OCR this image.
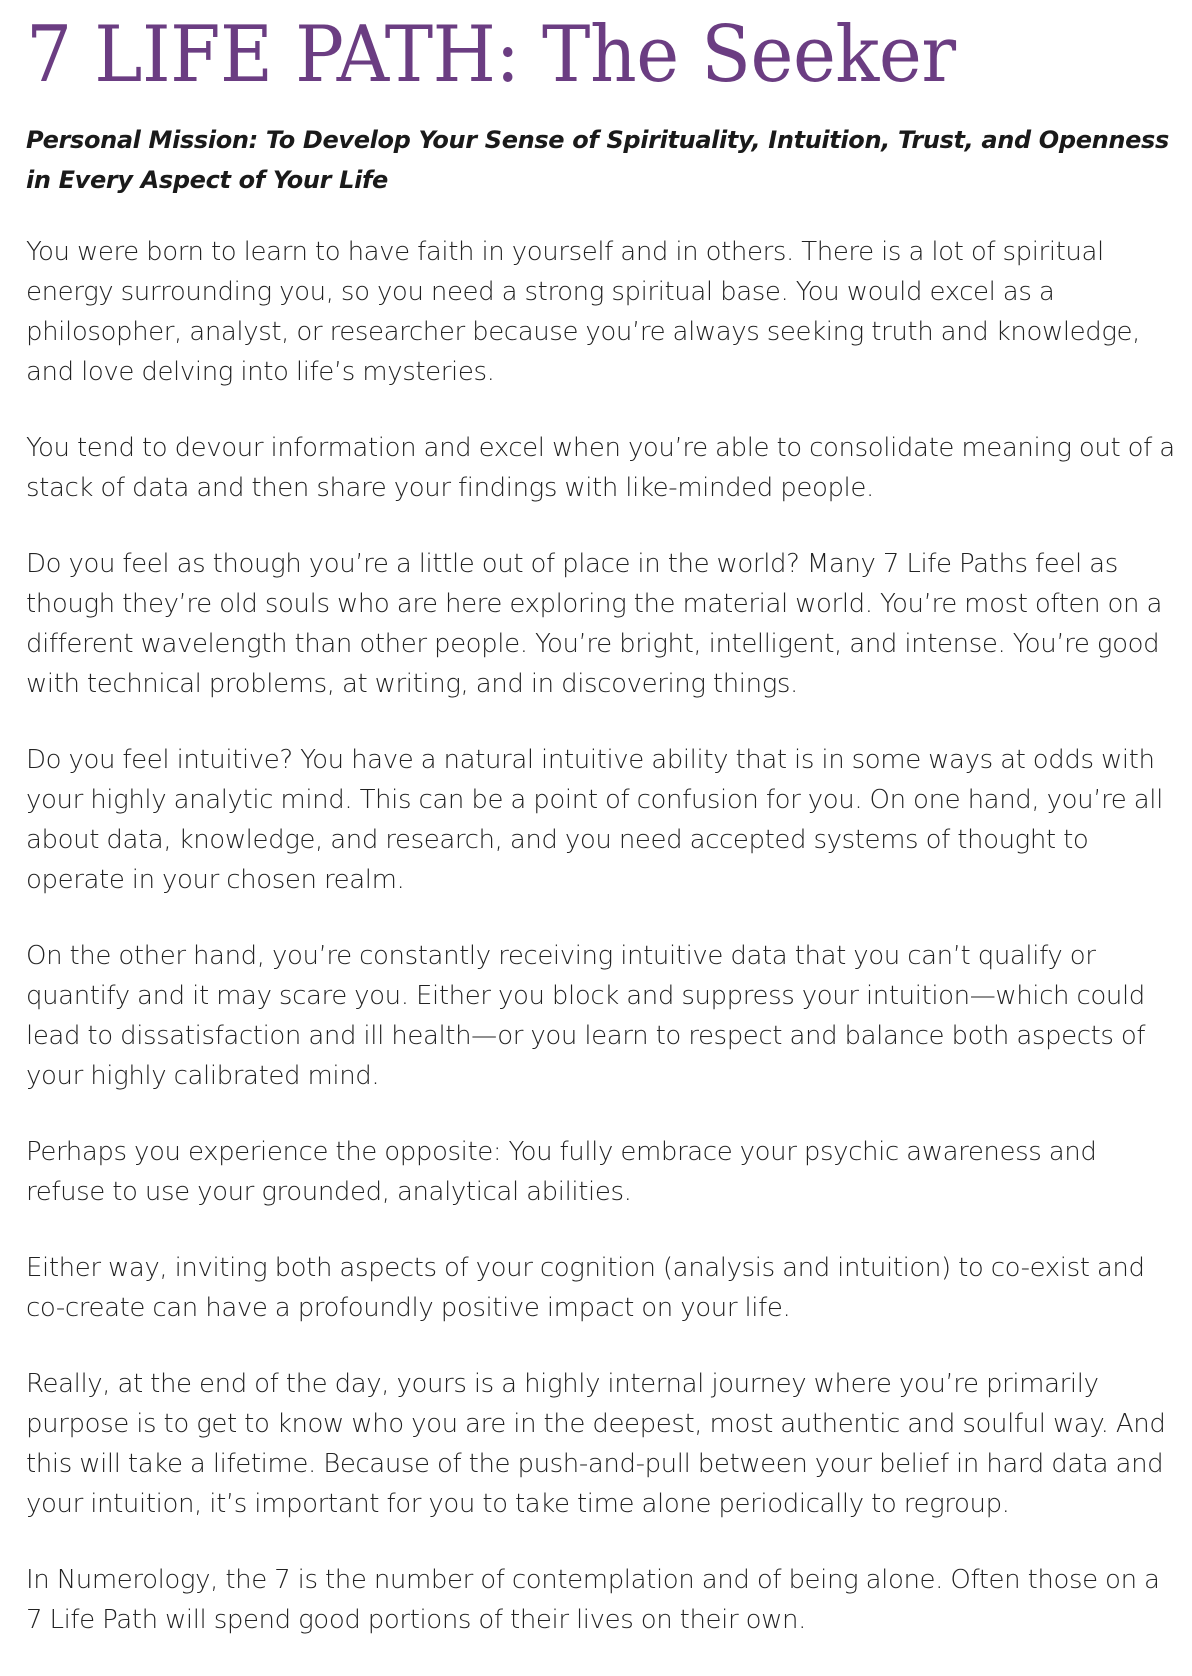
7 LIFE PATH: The Seeker

Personal Mission: To Develop Your Sense of Spirituality, Intuition, Trust, and Openness in Every Aspect of Your Life

You were born to learn to have faith in yourself and in others. There is a lot of spiritual energy surrounding you, so you need a strong spiritual base. You would excel as a philosopher, analyst, or researcher because you’re always seeking truth and knowledge, and love delving into life’s mysteries.

You tend to devour information and excel when you’re able to consolidate meaning out of a stack of data and then share your findings with like-minded people.

Do you feel as though you’re a little out of place in the world? Many 7 Life Paths feel as though they’re old souls who are here exploring the material world. You’re most often on a different wavelength than other people. You’re bright, intelligent, and intense. You’re good with technical problems, at writing, and in discovering things.

Do you feel intuitive? You have a natural intuitive ability that is in some ways at odds with your highly analytic mind. This can be a point of confusion for you. On one hand, you’re all about data, knowledge, and research, and you need accepted systems of thought to operate in your chosen realm.

On the other hand, you’re constantly receiving intuitive data that you can’t qualify or quantify and it may scare you. Either you block and suppress your intuition—which could lead to dissatisfaction and ill health—or you learn to respect and balance both aspects of your highly calibrated mind.

Perhaps you experience the opposite: You fully embrace your psychic awareness and refuse to use your grounded, analytical abilities.

Either way, inviting both aspects of your cognition (analysis and intuition) to co-exist and co-create can have a profoundly positive impact on your life.

Really, at the end of the day, yours is a highly internal journey where you’re primarily purpose is to get to know who you are in the deepest, most authentic and soulful way. And this will take a lifetime. Because of the push-and-pull between your belief in hard data and your intuition, it’s important for you to take time alone periodically to regroup.

In Numerology, the 7 is the number of contemplation and of being alone. Often those on a 7 Life Path will spend good portions of their lives on their own.
